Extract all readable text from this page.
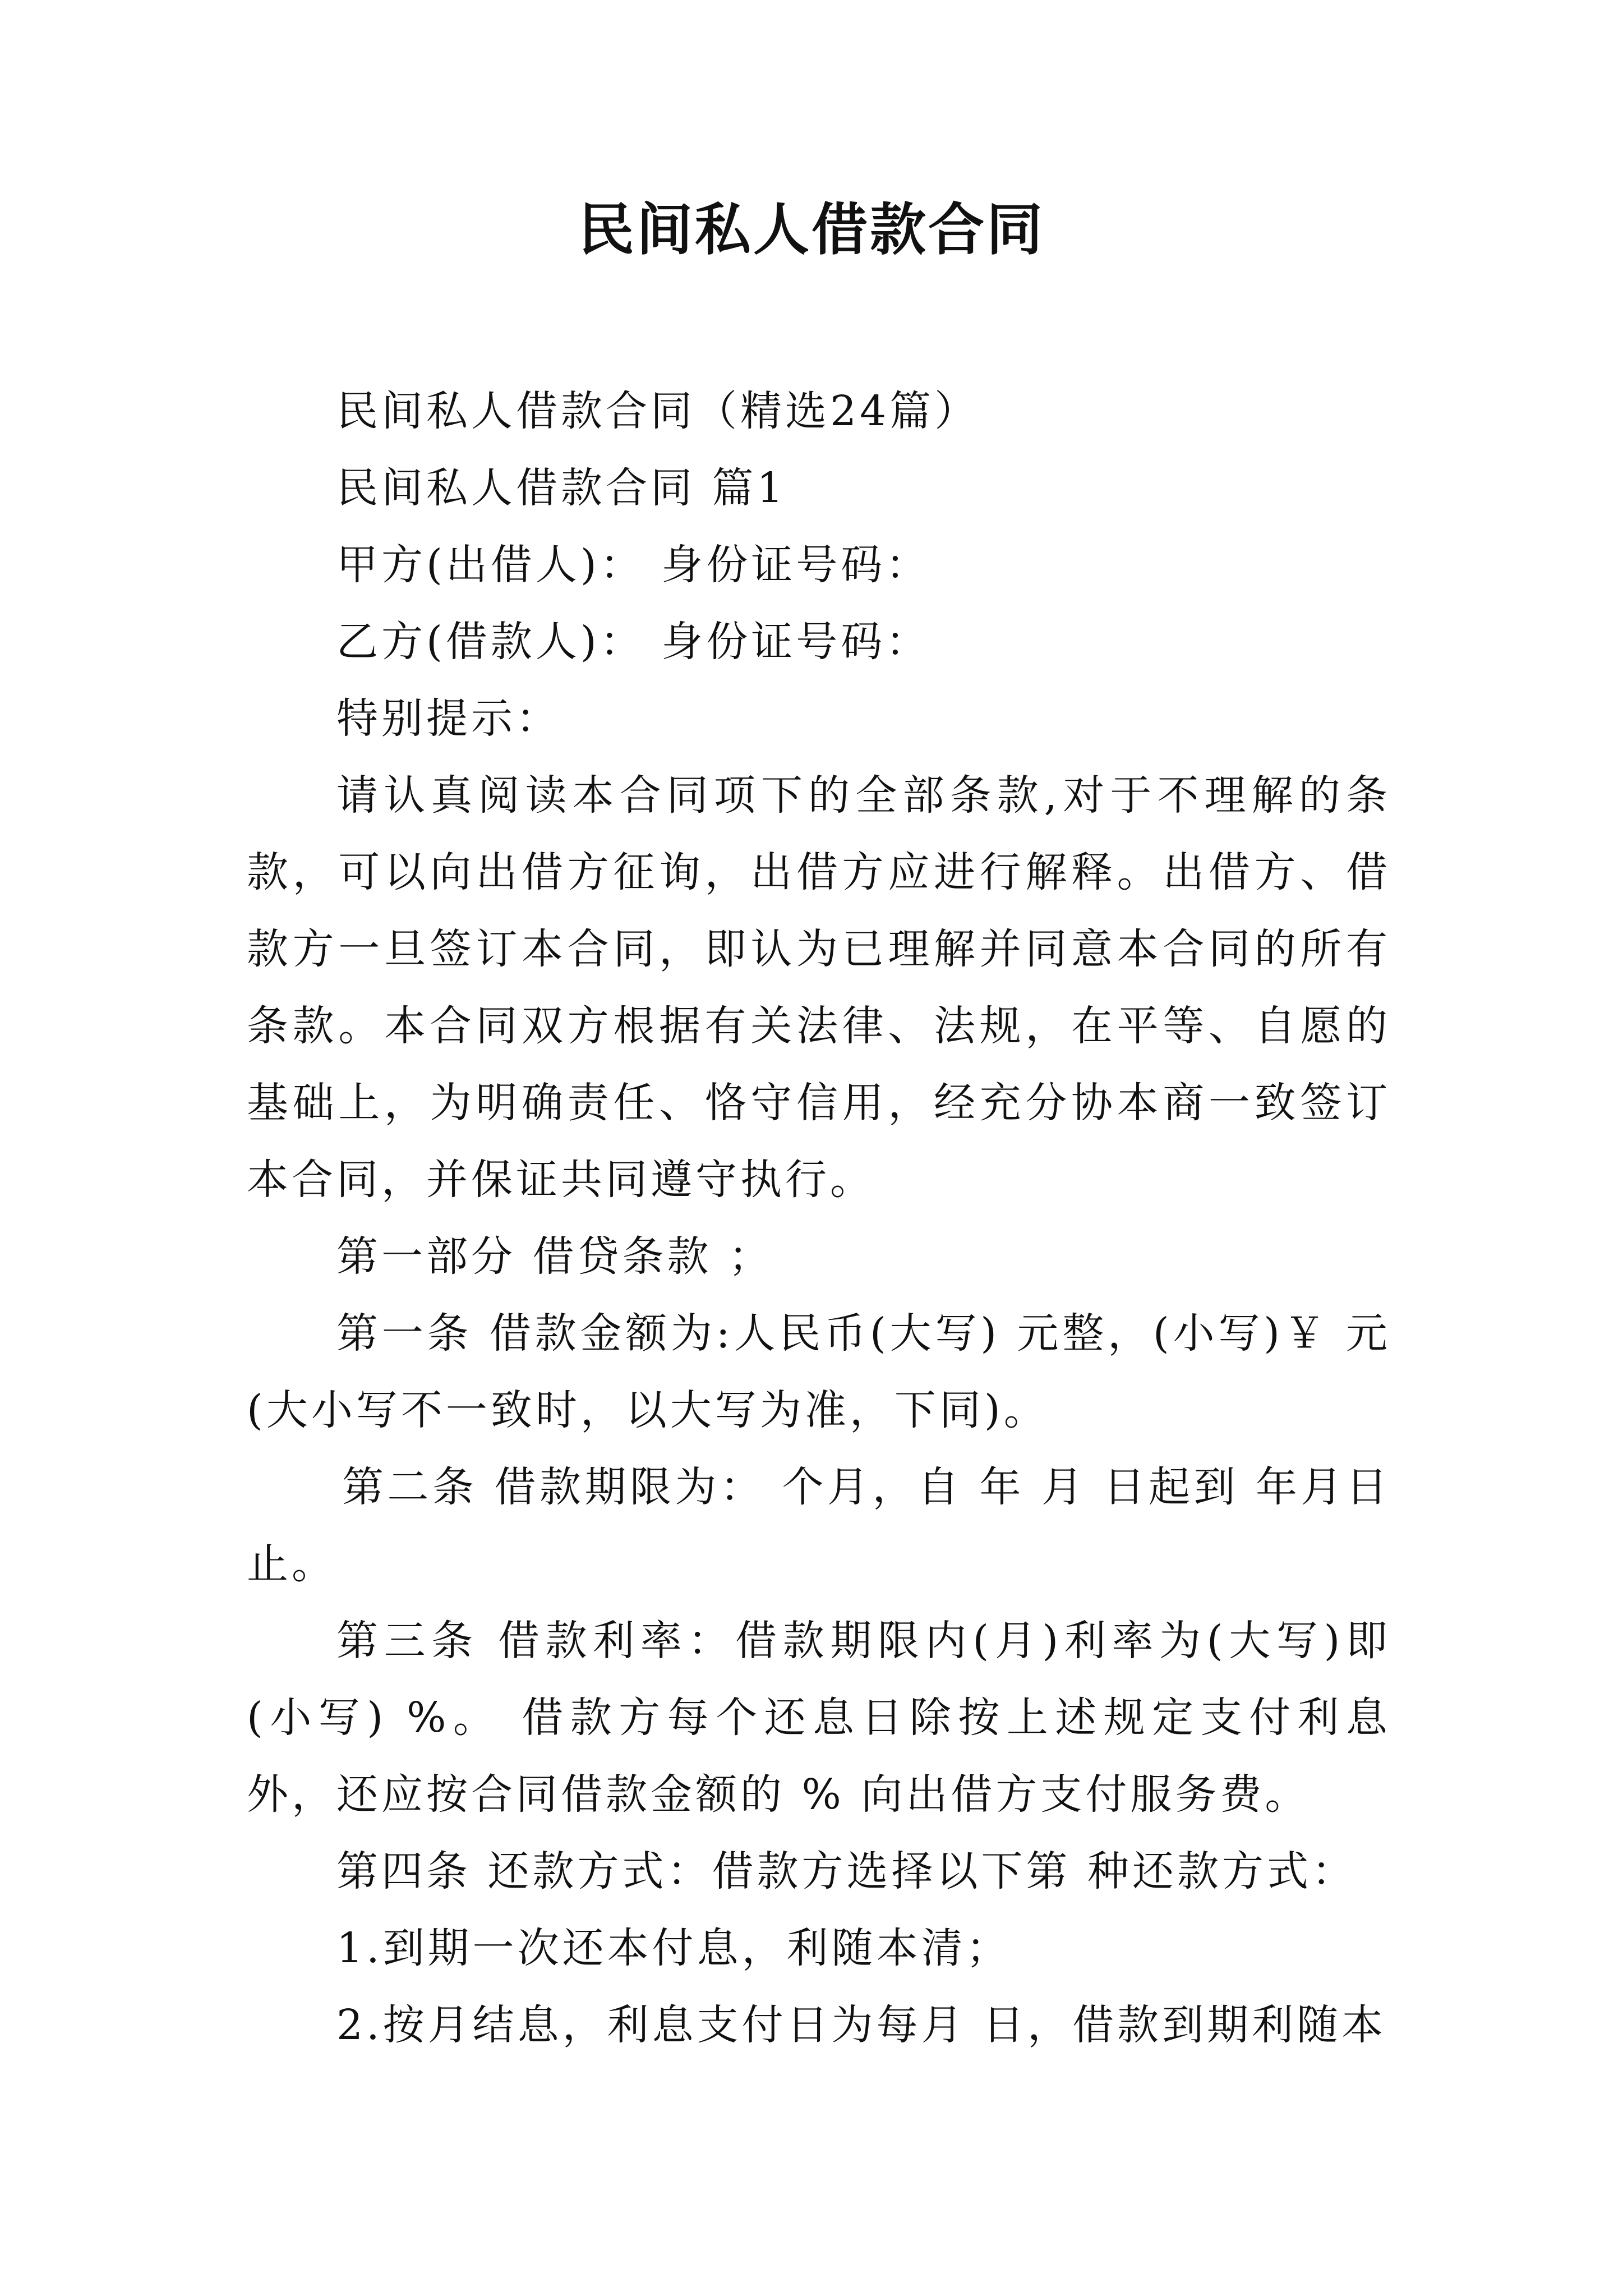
民间私人借款合同

民间私人借款合同（精选24篇）

民间私人借款合同 篇1

甲方(出借人)： 身份证号码：

乙方(借款人)： 身份证号码：

特别提示：

请认真阅读本合同项下的全部条款,对于不理解的条款，可以向出借方征询，出借方应进行解释。出借方、借款方一旦签订本合同，即认为已理解并同意本合同的所有条款。本合同双方根据有关法律、法规，在平等、自愿的基础上，为明确责任、恪守信用，经充分协本商一致签订本合同，并保证共同遵守执行。

第一部分 借贷条款 ；

第一条 借款金额为:人民币(大写) 元整，(小写)￥ 元(大小写不一致时，以大写为准，下同)。

第二条 借款期限为： 个月，自 年 月 日起到 年月日止。

第三条 借款利率：借款期限内(月)利率为(大写)即(小写) %。 借款方每个还息日除按上述规定支付利息外，还应按合同借款金额的 % 向出借方支付服务费。

第四条 还款方式：借款方选择以下第 种还款方式：

1.到期一次还本付息，利随本清；

2.按月结息，利息支付日为每月 日，借款到期利随本
